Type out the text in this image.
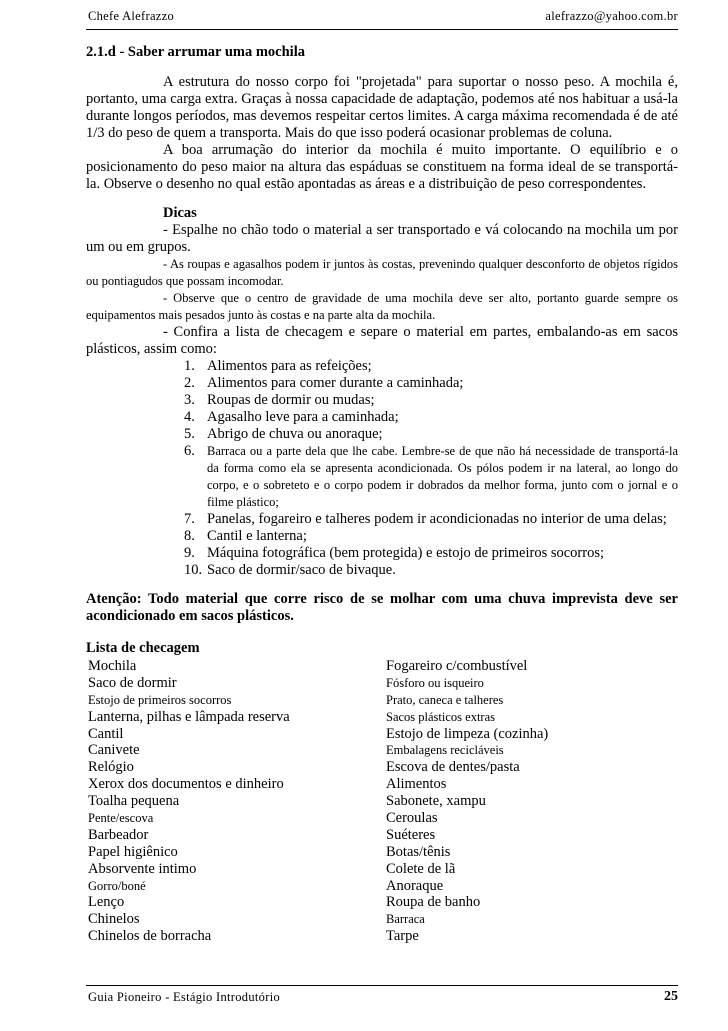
Chefe Alefrazzo	alefrazzo@yahoo.com.br
2.1.d - Saber arrumar uma mochila

A estrutura do nosso corpo foi "projetada" para suportar o nosso peso. A mochila é, portanto, uma carga extra. Graças à nossa capacidade de adaptação, podemos até nos habituar a usá-la durante longos períodos, mas devemos respeitar certos limites. A carga máxima recomendada é de até 1/3 do peso de quem a transporta. Mais do que isso poderá ocasionar problemas de coluna.

A boa arrumação do interior da mochila é muito importante. O equilíbrio e o posicionamento do peso maior na altura das espáduas se constituem na forma ideal de se transportá-la. Observe o desenho no qual estão apontadas as áreas e a distribuição de peso correspondentes.

Dicas

- Espalhe no chão todo o material a ser transportado e vá colocando na mochila um por um ou em grupos.

- As roupas e agasalhos podem ir juntos às costas, prevenindo qualquer desconforto de objetos rígidos ou pontiagudos que possam incomodar.

- Observe que o centro de gravidade de uma mochila deve ser alto, portanto guarde sempre os equipamentos mais pesados junto às costas e na parte alta da mochila.

- Confira a lista de checagem e separe o material em partes, embalando-as em sacos plásticos, assim como:

1. Alimentos para as refeições;
2. Alimentos para comer durante a caminhada;
3. Roupas de dormir ou mudas;
4. Agasalho leve para a caminhada;
5. Abrigo de chuva ou anoraque;
6. Barraca ou a parte dela que lhe cabe. Lembre-se de que não há necessidade de transportá-la da forma como ela se apresenta acondicionada. Os pólos podem ir na lateral, ao longo do corpo, e o sobreteto e o corpo podem ir dobrados da melhor forma, junto com o jornal e o filme plástico;
7. Panelas, fogareiro e talheres podem ir acondicionadas no interior de uma delas;
8. Cantil e lanterna;
9. Máquina fotográfica (bem protegida) e estojo de primeiros socorros;
10. Saco de dormir/saco de bivaque.
Atenção: Todo material que corre risco de se molhar com uma chuva imprevista deve ser acondicionado em sacos plásticos.
Lista de checagem
Mochila
Saco de dormir
Estojo de primeiros socorros
Lanterna, pilhas e lâmpada reserva
Cantil
Canivete
Relógio
Xerox dos documentos e dinheiro
Toalha pequena
Pente/escova
Barbeador
Papel higiênico
Absorvente intimo
Gorro/boné
Lenço
Chinelos
Chinelos de borracha
Fogareiro c/combustível
Fósforo ou isqueiro
Prato, caneca e talheres
Sacos plásticos extras
Estojo de limpeza (cozinha)
Embalagens recicláveis
Escova de dentes/pasta
Alimentos
Sabonete, xampu
Ceroulas
Suéteres
Botas/tênis
Colete de lã
Anoraque
Roupa de banho
Barraca
Tarpe
Guia Pioneiro - Estágio Introdutório	25
